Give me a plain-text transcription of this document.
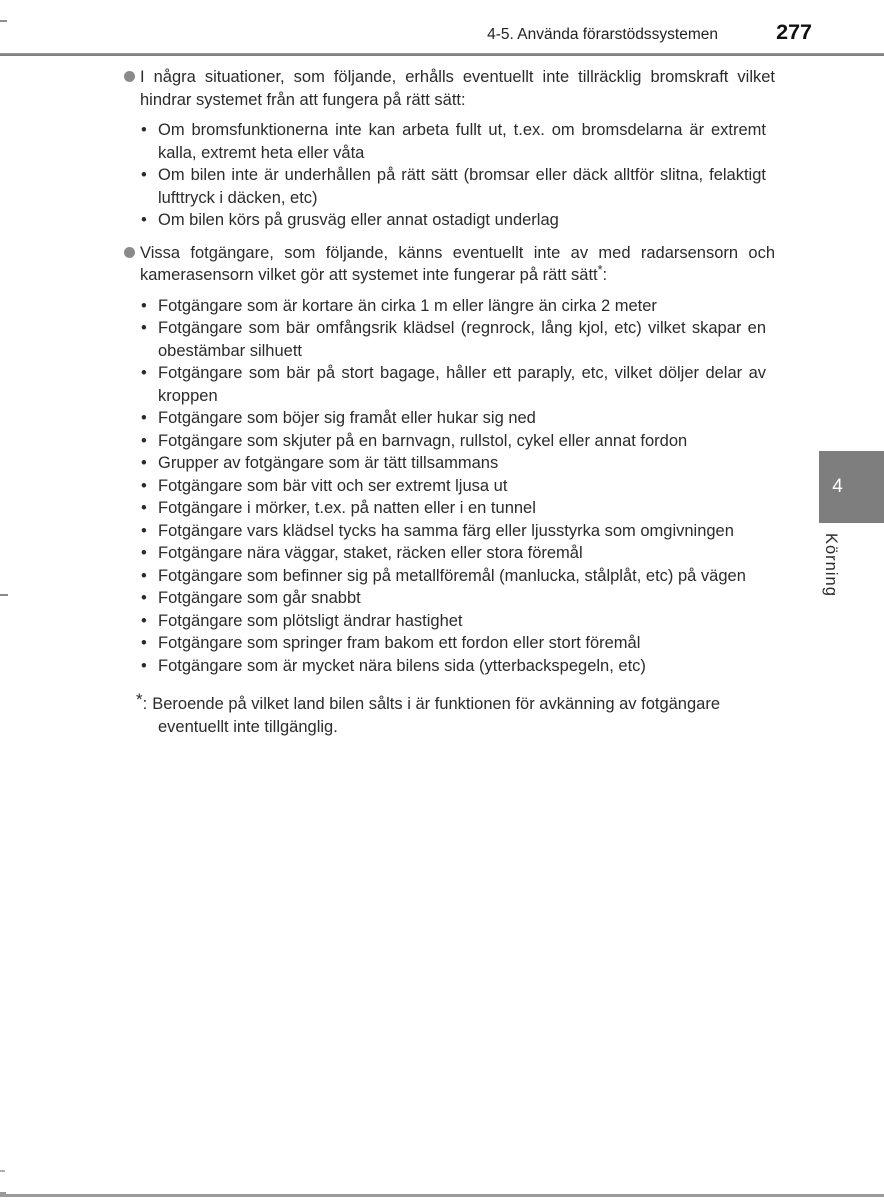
4-5. Använda förarstödssystemen	277
I några situationer, som följande, erhålls eventuellt inte tillräcklig bromskraft vilket hindrar systemet från att fungera på rätt sätt:
• Om bromsfunktionerna inte kan arbeta fullt ut, t.ex. om bromsdelarna är extremt kalla, extremt heta eller våta
• Om bilen inte är underhållen på rätt sätt (bromsar eller däck alltför slitna, felaktigt lufttryck i däcken, etc)
• Om bilen körs på grusväg eller annat ostadigt underlag
Vissa fotgängare, som följande, känns eventuellt inte av med radarsensorn och kamerasensorn vilket gör att systemet inte fungerar på rätt sätt*:
• Fotgängare som är kortare än cirka 1 m eller längre än cirka 2 meter
• Fotgängare som bär omfångsrik klädsel (regnrock, lång kjol, etc) vilket skapar en obestämbar silhuett
• Fotgängare som bär på stort bagage, håller ett paraply, etc, vilket döljer delar av kroppen
• Fotgängare som böjer sig framåt eller hukar sig ned
• Fotgängare som skjuter på en barnvagn, rullstol, cykel eller annat fordon
• Grupper av fotgängare som är tätt tillsammans
• Fotgängare som bär vitt och ser extremt ljusa ut
• Fotgängare i mörker, t.ex. på natten eller i en tunnel
• Fotgängare vars klädsel tycks ha samma färg eller ljusstyrka som omgivningen
• Fotgängare nära väggar, staket, räcken eller stora föremål
• Fotgängare som befinner sig på metallföremål (manlucka, stålplåt, etc) på vägen
• Fotgängare som går snabbt
• Fotgängare som plötsligt ändrar hastighet
• Fotgängare som springer fram bakom ett fordon eller stort föremål
• Fotgängare som är mycket nära bilens sida (ytterbackspegeln, etc)
*: Beroende på vilket land bilen sålts i är funktionen för avkänning av fotgängare eventuellt inte tillgänglig.
4
Körning
